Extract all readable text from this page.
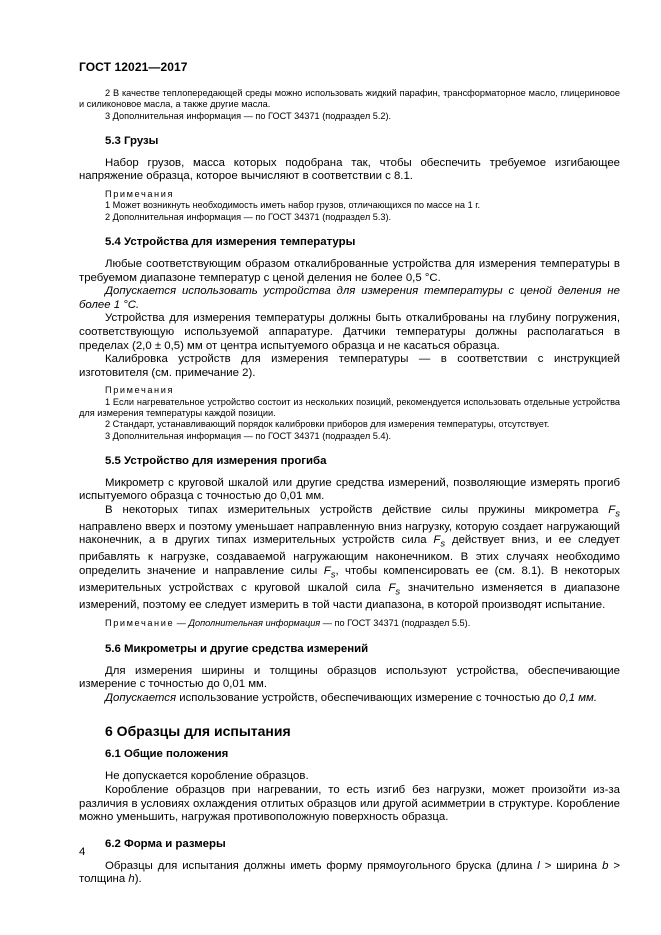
ГОСТ 12021—2017

2 В качестве теплопередающей среды можно использовать жидкий парафин, трансформаторное масло, глицериновое и силиконовое масла, а также другие масла.

3 Дополнительная информация — по ГОСТ 34371 (подраздел 5.2).

5.3 Грузы

Набор грузов, масса которых подобрана так, чтобы обеспечить требуемое изгибающее напряжение образца, которое вычисляют в соответствии с 8.1.

Примечания

1 Может возникнуть необходимость иметь набор грузов, отличающихся по массе на 1 г.

2 Дополнительная информация — по ГОСТ 34371 (подраздел 5.3).

5.4 Устройства для измерения температуры

Любые соответствующим образом откалиброванные устройства для измерения температуры в требуемом диапазоне температур с ценой деления не более 0,5 °С.

Допускается использовать устройства для измерения температуры с ценой деления не более 1 °С.

Устройства для измерения температуры должны быть откалиброваны на глубину погружения, соответствующую используемой аппаратуре. Датчики температуры должны располагаться в пределах (2,0 ± 0,5) мм от центра испытуемого образца и не касаться образца.

Калибровка устройств для измерения температуры — в соответствии с инструкцией изготовителя (см. примечание 2).

Примечания

1 Если нагревательное устройство состоит из нескольких позиций, рекомендуется использовать отдельные устройства для измерения температуры каждой позиции.

2 Стандарт, устанавливающий порядок калибровки приборов для измерения температуры, отсутствует.

3 Дополнительная информация — по ГОСТ 34371 (подраздел 5.4).

5.5 Устройство для измерения прогиба

Микрометр с круговой шкалой или другие средства измерений, позволяющие измерять прогиб испытуемого образца с точностью до 0,01 мм.

В некоторых типах измерительных устройств действие силы пружины микрометра $F_s$ направлено вверх и поэтому уменьшает направленную вниз нагрузку, которую создает нагружающий наконечник, а в других типах измерительных устройств сила $F_s$ действует вниз, и ее следует прибавлять к нагрузке, создаваемой нагружающим наконечником. В этих случаях необходимо определить значение и направление силы $F_s$, чтобы компенсировать ее (см. 8.1). В некоторых измерительных устройствах с круговой шкалой сила $F_s$ значительно изменяется в диапазоне измерений, поэтому ее следует измерить в той части диапазона, в которой производят испытание.

Примечание — Дополнительная информация — по ГОСТ 34371 (подраздел 5.5).

5.6 Микрометры и другие средства измерений

Для измерения ширины и толщины образцов используют устройства, обеспечивающие измерение с точностью до 0,01 мм.

Допускается использование устройств, обеспечивающих измерение с точностью до 0,1 мм.

6 Образцы для испытания

6.1 Общие положения

Не допускается коробление образцов.

Коробление образцов при нагревании, то есть изгиб без нагрузки, может произойти из-за различия в условиях охлаждения отлитых образцов или другой асимметрии в структуре. Коробление можно уменьшить, нагружая противоположную поверхность образца.

6.2 Форма и размеры

Образцы для испытания должны иметь форму прямоугольного бруска (длина l > ширина b > толщина h).

4
